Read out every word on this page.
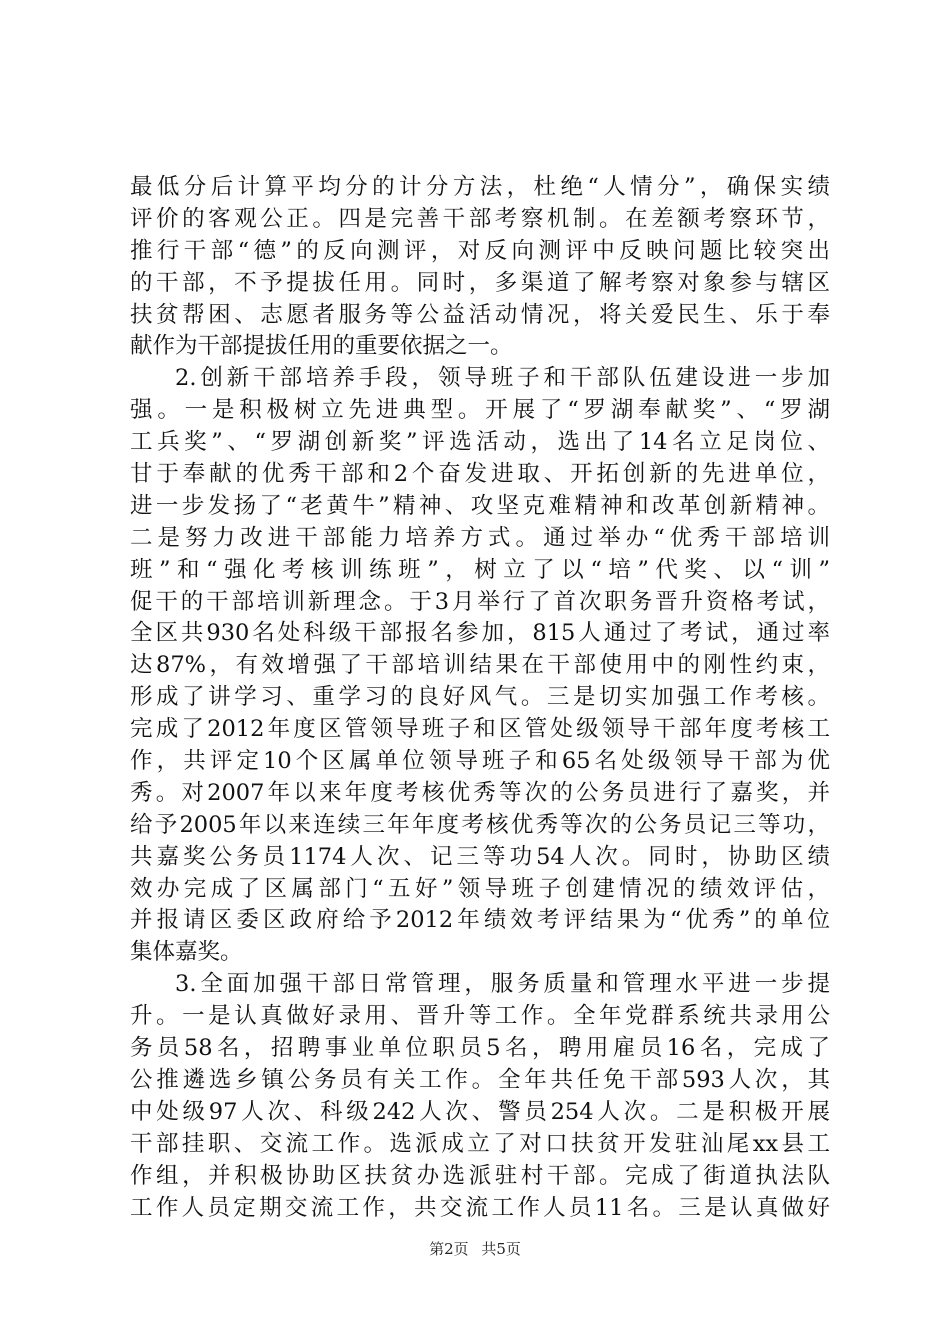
最低分后计算平均分的计分方法，杜绝“人情分”，确保实绩
评价的客观公正。四是完善干部考察机制。在差额考察环节，
推行干部“德”的反向测评，对反向测评中反映问题比较突出
的干部，不予提拔任用。同时，多渠道了解考察对象参与辖区
扶贫帮困、志愿者服务等公益活动情况，将关爱民生、乐于奉
献作为干部提拔任用的重要依据之一。
2.创新干部培养手段，领导班子和干部队伍建设进一步加
强。一是积极树立先进典型。开展了“罗湖奉献奖”、“罗湖
工兵奖”、“罗湖创新奖”评选活动，选出了14名立足岗位、
甘于奉献的优秀干部和2个奋发进取、开拓创新的先进单位，
进一步发扬了“老黄牛”精神、攻坚克难精神和改革创新精神。
二是努力改进干部能力培养方式。通过举办“优秀干部培训
班”和“强化考核训练班”，树立了以“培”代奖、以“训”
促干的干部培训新理念。于3月举行了首次职务晋升资格考试，
全区共930名处科级干部报名参加，815人通过了考试，通过率
达87%，有效增强了干部培训结果在干部使用中的刚性约束，
形成了讲学习、重学习的良好风气。三是切实加强工作考核。
完成了2012年度区管领导班子和区管处级领导干部年度考核工
作，共评定10个区属单位领导班子和65名处级领导干部为优
秀。对2007年以来年度考核优秀等次的公务员进行了嘉奖，并
给予2005年以来连续三年年度考核优秀等次的公务员记三等功，
共嘉奖公务员1174人次、记三等功54人次。同时，协助区绩
效办完成了区属部门“五好”领导班子创建情况的绩效评估，
并报请区委区政府给予2012年绩效考评结果为“优秀”的单位
集体嘉奖。
3.全面加强干部日常管理，服务质量和管理水平进一步提
升。一是认真做好录用、晋升等工作。全年党群系统共录用公
务员58名，招聘事业单位职员5名，聘用雇员16名，完成了
公推遴选乡镇公务员有关工作。全年共任免干部593人次，其
中处级97人次、科级242人次、警员254人次。二是积极开展
干部挂职、交流工作。选派成立了对口扶贫开发驻汕尾xx县工
作组，并积极协助区扶贫办选派驻村干部。完成了街道执法队
工作人员定期交流工作，共交流工作人员11名。三是认真做好
第2页 共5页
